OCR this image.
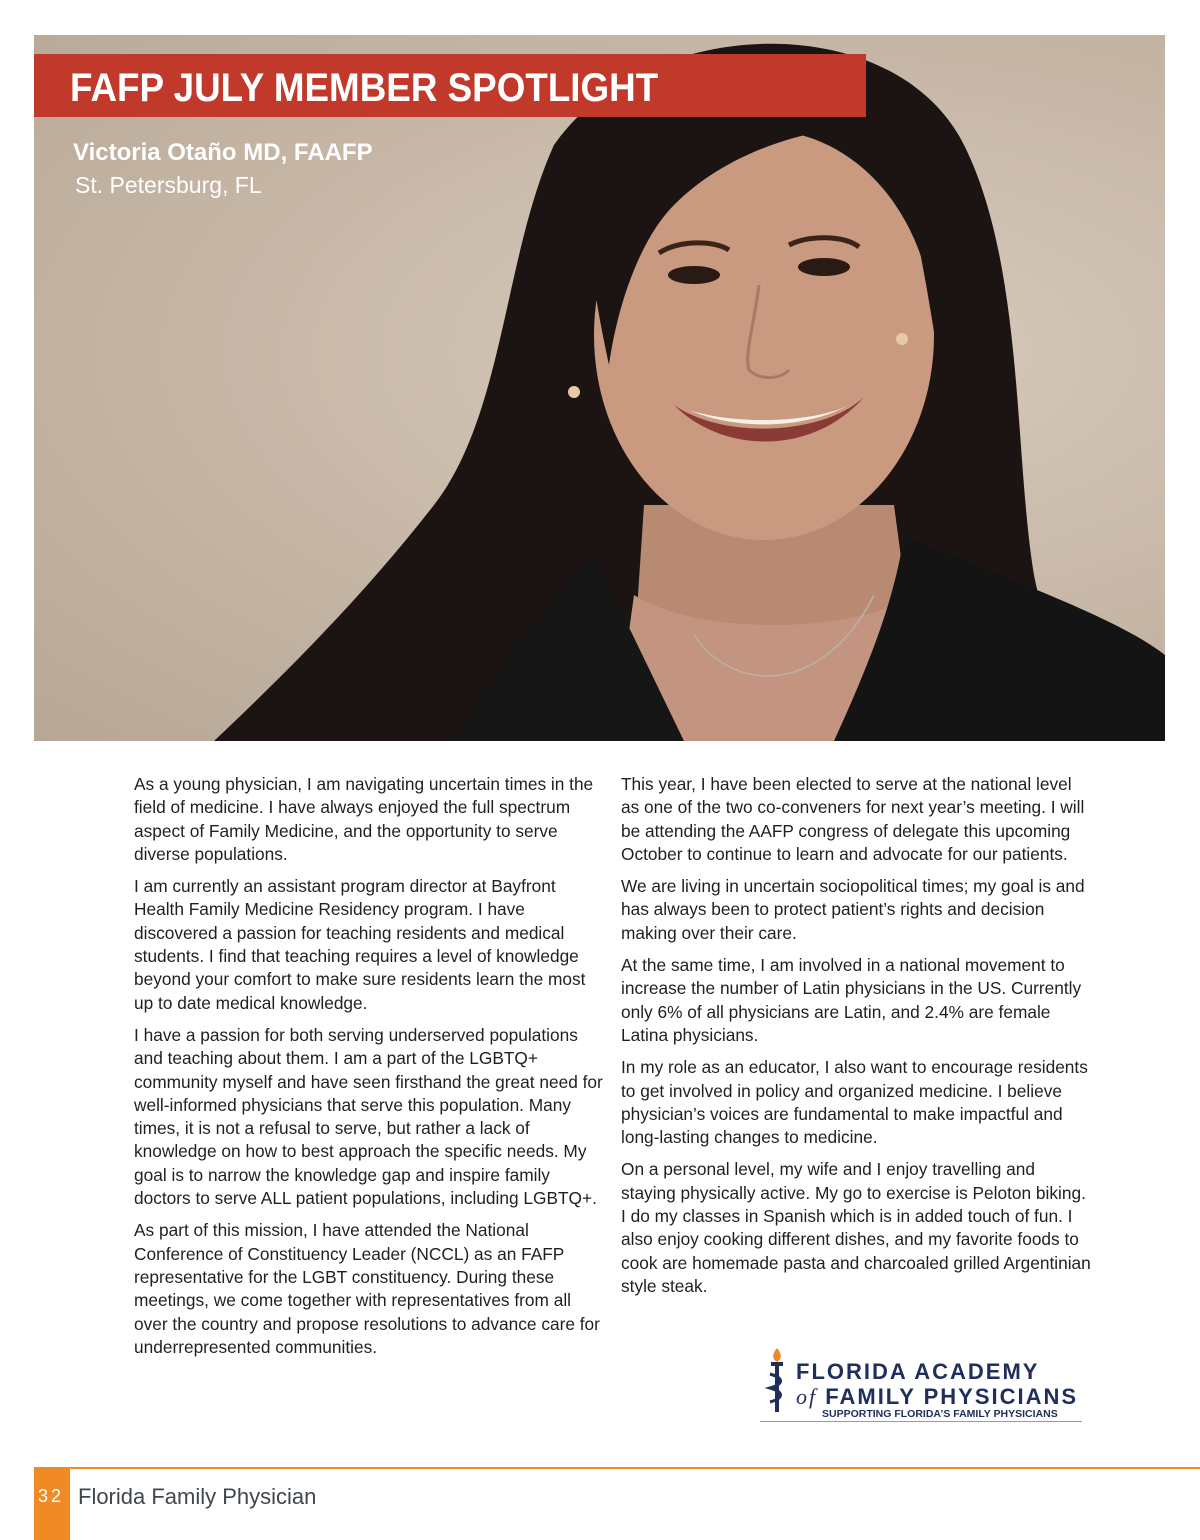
FAFP JULY MEMBER SPOTLIGHT

Victoria Otaño MD, FAAFP

St. Petersburg, FL

As a young physician, I am navigating uncertain times in the field of medicine. I have always enjoyed the full spectrum aspect of Family Medicine, and the opportunity to serve diverse populations.

I am currently an assistant program director at Bayfront Health Family Medicine Residency program. I have discovered a passion for teaching residents and medical students. I find that teaching requires a level of knowledge beyond your comfort to make sure residents learn the most up to date medical knowledge.

I have a passion for both serving underserved populations and teaching about them. I am a part of the LGBTQ+ community myself and have seen firsthand the great need for well-informed physicians that serve this population. Many times, it is not a refusal to serve, but rather a lack of knowledge on how to best approach the specific needs. My goal is to narrow the knowledge gap and inspire family doctors to serve ALL patient populations, including LGBTQ+.

As part of this mission, I have attended the National Conference of Constituency Leader (NCCL) as an FAFP representative for the LGBT constituency. During these meetings, we come together with representatives from all over the country and propose resolutions to advance care for underrepresented communities.

This year, I have been elected to serve at the national level as one of the two co-conveners for next year’s meeting. I will be attending the AAFP congress of delegate this upcoming October to continue to learn and advocate for our patients.

We are living in uncertain sociopolitical times; my goal is and has always been to protect patient’s rights and decision making over their care.

At the same time, I am involved in a national movement to increase the number of Latin physicians in the US. Currently only 6% of all physicians are Latin, and 2.4% are female Latina physicians.

In my role as an educator, I also want to encourage residents to get involved in policy and organized medicine. I believe physician’s voices are fundamental to make impactful and long-lasting changes to medicine.

On a personal level, my wife and I enjoy travelling and staying physically active. My go to exercise is Peloton biking. I do my classes in Spanish which is in added touch of fun. I also enjoy cooking different dishes, and my favorite foods to cook are homemade pasta and charcoaled grilled Argentinian style steak.

FLORIDA ACADEMY

of FAMILY PHYSICIANS

SUPPORTING FLORIDA’S FAMILY PHYSICIANS

32 Florida Family Physician
